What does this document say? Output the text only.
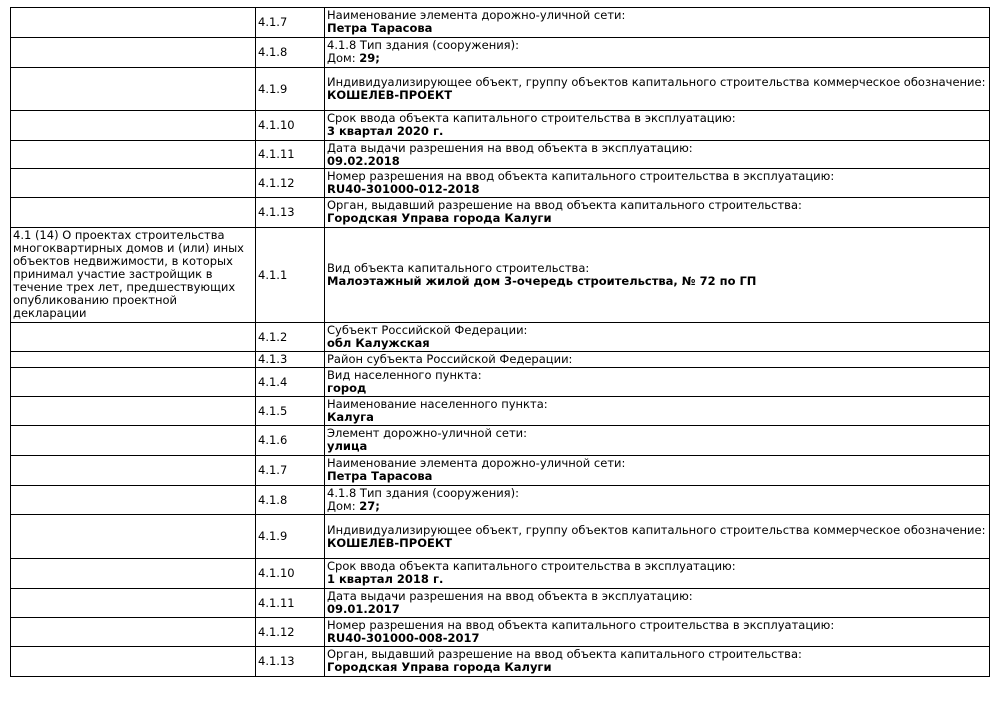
	4.1.7	Наименование элемента дорожно-уличной сети:
Петра Тарасова

	4.1.8	4.1.8 Тип здания (сооружения):
Дом: 29;

	4.1.9	Индивидуализирующее объект, группу объектов капитального строительства коммерческое обозначение:
КОШЕЛЕВ-ПРОЕКТ

	4.1.10	Срок ввода объекта капитального строительства в эксплуатацию:
3 квартал 2020 г.

	4.1.11	Дата выдачи разрешения на ввод объекта в эксплуатацию:
09.02.2018

	4.1.12	Номер разрешения на ввод объекта капитального строительства в эксплуатацию:
RU40-301000-012-2018

	4.1.13	Орган, выдавший разрешение на ввод объекта капитального строительства:
Городская Управа города Калуги

4.1 (14) О проектах строительства многоквартирных домов и (или) иных объектов недвижимости, в которых принимал участие застройщик в течение трех лет, предшествующих опубликованию проектной декларации	4.1.1	Вид объекта капитального строительства:
Малоэтажный жилой дом 3-очередь строительства, № 72 по ГП

	4.1.2	Субъект Российской Федерации:
обл Калужская

	4.1.3	Район субъекта Российской Федерации:

	4.1.4	Вид населенного пункта:
город

	4.1.5	Наименование населенного пункта:
Калуга

	4.1.6	Элемент дорожно-уличной сети:
улица

	4.1.7	Наименование элемента дорожно-уличной сети:
Петра Тарасова

	4.1.8	4.1.8 Тип здания (сооружения):
Дом: 27;

	4.1.9	Индивидуализирующее объект, группу объектов капитального строительства коммерческое обозначение:
КОШЕЛЕВ-ПРОЕКТ

	4.1.10	Срок ввода объекта капитального строительства в эксплуатацию:
1 квартал 2018 г.

	4.1.11	Дата выдачи разрешения на ввод объекта в эксплуатацию:
09.01.2017

	4.1.12	Номер разрешения на ввод объекта капитального строительства в эксплуатацию:
RU40-301000-008-2017

	4.1.13	Орган, выдавший разрешение на ввод объекта капитального строительства:
Городская Управа города Калуги
